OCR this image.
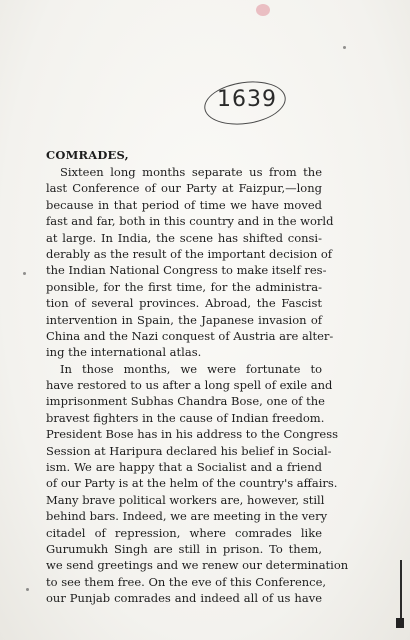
1639
COMRADES,
Sixteen long months separate us from the
last Conference of our Party at Faizpur,—long
because in that period of time we have moved
fast and far, both in this country and in the world
at large. In India, the scene has shifted consi-
derably as the result of the important decision of
the Indian National Congress to make itself res-
ponsible, for the first time, for the administra-
tion of several provinces. Abroad, the Fascist
intervention in Spain, the Japanese invasion of
China and the Nazi conquest of Austria are alter-
ing the international atlas.
In those months, we were fortunate to
have restored to us after a long spell of exile and
imprisonment Subhas Chandra Bose, one of the
bravest fighters in the cause of Indian freedom.
President Bose has in his address to the Congress
Session at Haripura declared his belief in Social-
ism. We are happy that a Socialist and a friend
of our Party is at the helm of the country's affairs.
Many brave political workers are, however, still
behind bars. Indeed, we are meeting in the very
citadel of repression, where comrades like
Gurumukh Singh are still in prison. To them,
we send greetings and we renew our determination
to see them free. On the eve of this Conference,
our Punjab comrades and indeed all of us have
